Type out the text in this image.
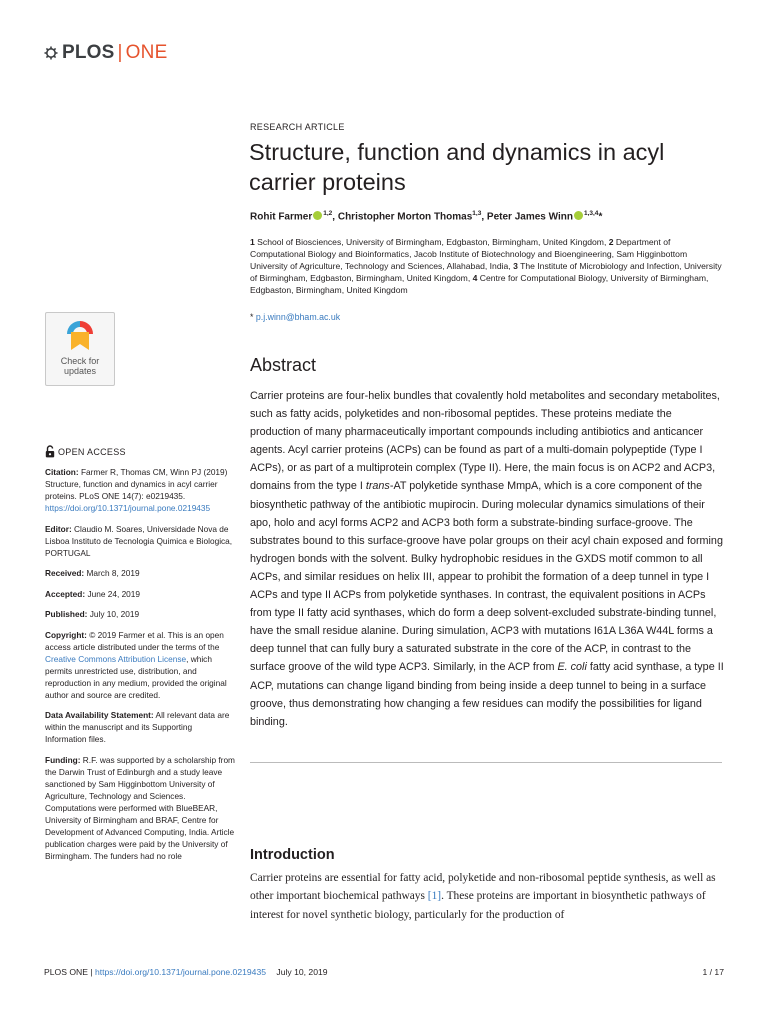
PLOS | ONE
RESEARCH ARTICLE
Structure, function and dynamics in acyl carrier proteins
Rohit Farmer $^{1,2}$, Christopher Morton Thomas$^{1,3}$, Peter James Winn $^{1,3,4}$*
1 School of Biosciences, University of Birmingham, Edgbaston, Birmingham, United Kingdom, 2 Department of Computational Biology and Bioinformatics, Jacob Institute of Biotechnology and Bioengineering, Sam Higginbottom University of Agriculture, Technology and Sciences, Allahabad, India, 3 The Institute of Microbiology and Infection, University of Birmingham, Edgbaston, Birmingham, United Kingdom, 4 Centre for Computational Biology, University of Birmingham, Edgbaston, Birmingham, United Kingdom
* p.j.winn@bham.ac.uk
Abstract
Carrier proteins are four-helix bundles that covalently hold metabolites and secondary metabolites, such as fatty acids, polyketides and non-ribosomal peptides. These proteins mediate the production of many pharmaceutically important compounds including antibiotics and anticancer agents. Acyl carrier proteins (ACPs) can be found as part of a multi-domain polypeptide (Type I ACPs), or as part of a multiprotein complex (Type II). Here, the main focus is on ACP2 and ACP3, domains from the type I trans-AT polyketide synthase MmpA, which is a core component of the biosynthetic pathway of the antibiotic mupirocin. During molecular dynamics simulations of their apo, holo and acyl forms ACP2 and ACP3 both form a substrate-binding surface-groove. The substrates bound to this surface-groove have polar groups on their acyl chain exposed and forming hydrogen bonds with the solvent. Bulky hydrophobic residues in the GXDS motif common to all ACPs, and similar residues on helix III, appear to prohibit the formation of a deep tunnel in type I ACPs and type II ACPs from polyketide synthases. In contrast, the equivalent positions in ACPs from type II fatty acid synthases, which do form a deep solvent-excluded substrate-binding tunnel, have the small residue alanine. During simulation, ACP3 with mutations I61A L36A W44L forms a deep tunnel that can fully bury a saturated substrate in the core of the ACP, in contrast to the surface groove of the wild type ACP3. Similarly, in the ACP from E. coli fatty acid synthase, a type II ACP, mutations can change ligand binding from being inside a deep tunnel to being in a surface groove, thus demonstrating how changing a few residues can modify the possibilities for ligand binding.
Introduction
Carrier proteins are essential for fatty acid, polyketide and non-ribosomal peptide synthesis, as well as other important biochemical pathways [1]. These proteins are important in biosynthetic pathways of interest for novel synthetic biology, particularly for the production of
Check for
updates
OPEN ACCESS
Citation: Farmer R, Thomas CM, Winn PJ (2019) Structure, function and dynamics in acyl carrier proteins. PLoS ONE 14(7): e0219435. https://doi.org/10.1371/journal.pone.0219435
Editor: Claudio M. Soares, Universidade Nova de Lisboa Instituto de Tecnologia Quimica e Biologica, PORTUGAL
Received: March 8, 2019
Accepted: June 24, 2019
Published: July 10, 2019
Copyright: © 2019 Farmer et al. This is an open access article distributed under the terms of the Creative Commons Attribution License, which permits unrestricted use, distribution, and reproduction in any medium, provided the original author and source are credited.
Data Availability Statement: All relevant data are within the manuscript and its Supporting Information files.
Funding: R.F. was supported by a scholarship from the Darwin Trust of Edinburgh and a study leave sanctioned by Sam Higginbottom University of Agriculture, Technology and Sciences. Computations were performed with BlueBEAR, University of Birmingham and BRAF, Centre for Development of Advanced Computing, India. Article publication charges were paid by the University of Birmingham. The funders had no role
PLOS ONE | https://doi.org/10.1371/journal.pone.0219435 July 10, 2019	1 / 17
